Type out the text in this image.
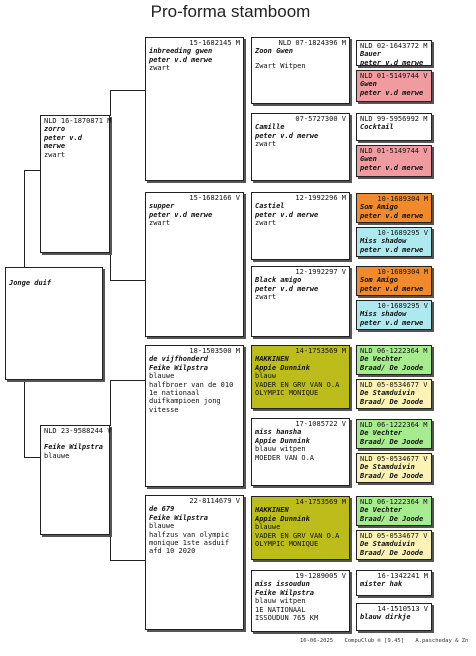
Pro-forma stamboom
Jonge duif
NLD 16-1870871 M
zorro
peter v.d merwe
zwart
NLD 23-9588244 V
Feike Wilpstra
blauwe
15-1682145 M
inbreeding gwen
peter v.d merwe
zwart
15-1682166 V
supper
peter v.d merwe
zwart
18-1503500 M
de vijfhonderd
Feike Wilpstra
blauwe
halfbroer van de 010
1e nationaal
duifkampioen jong
vitesse
22-8114679 V
de 679
Feike Wilpstra
blauwe
halfzus van olympic
monique 1ste asduif
afd 10 2020
NLD 07-1824396 M
Zoon Gwen
Zwart Witpen
07-5727300 V
Camille
peter v.d merwe
zwart
12-1992296 M
Castiel
peter v.d merwe
zwart
12-1992297 V
Black amigo
peter v.d merwe
zwart
14-1753569 M
HAKKINEN
Appie Dunnink
blauw
VADER EN GRV VAN O.A
OLYMPIC MONIQUE
17-1085722 V
miss hansha
Appie Dunnink
blauw witpen
MOEDER VAN O.A
14-1753569 M
HAKKINEN
Appie Dunnink
blauwe
VADER EN GRV VAN O.A
OLYMPIC MONIQUE
19-1289005 V
miss issoudun
Feike Wilpstra
blauw witpen
1E NATIONAAL
ISSOUDUN 765 KM
NLD 02-1643772 M
Bauer
peter v.d merwe
NLD 01-5149744 V
Gwen
peter v.d merwe
NLD 99-5956992 M
Cocktail
NLD 01-5149744 V
Gwen
peter v.d merwe
10-1689304 M
Som Amigo
peter v.d merwe
10-1689295 V
Miss shadow
peter v.d merwe
10-1689304 M
Som Amigo
peter v.d merwe
10-1689295 V
Miss shadow
peter v.d merwe
NLD 06-1222364 M
De Vechter
Braad/ De Joode
NLD 05-0534677 V
De Stamduivin
Braad/ De Joode
NLD 06-1222364 M
De Vechter
Braad/ De Joode
NLD 05-0534677 V
De Stamduivin
Braad/ De Joode
NLD 06-1222364 M
De Vechter
Braad/ De Joode
NLD 05-0534677 V
De Stamduivin
Braad/ De Joode
16-1342241 M
mister hak
14-1510513 V
blauw dirkje
16-06-2025 CompuClub ® [9.45] A.pascheday & Zn
